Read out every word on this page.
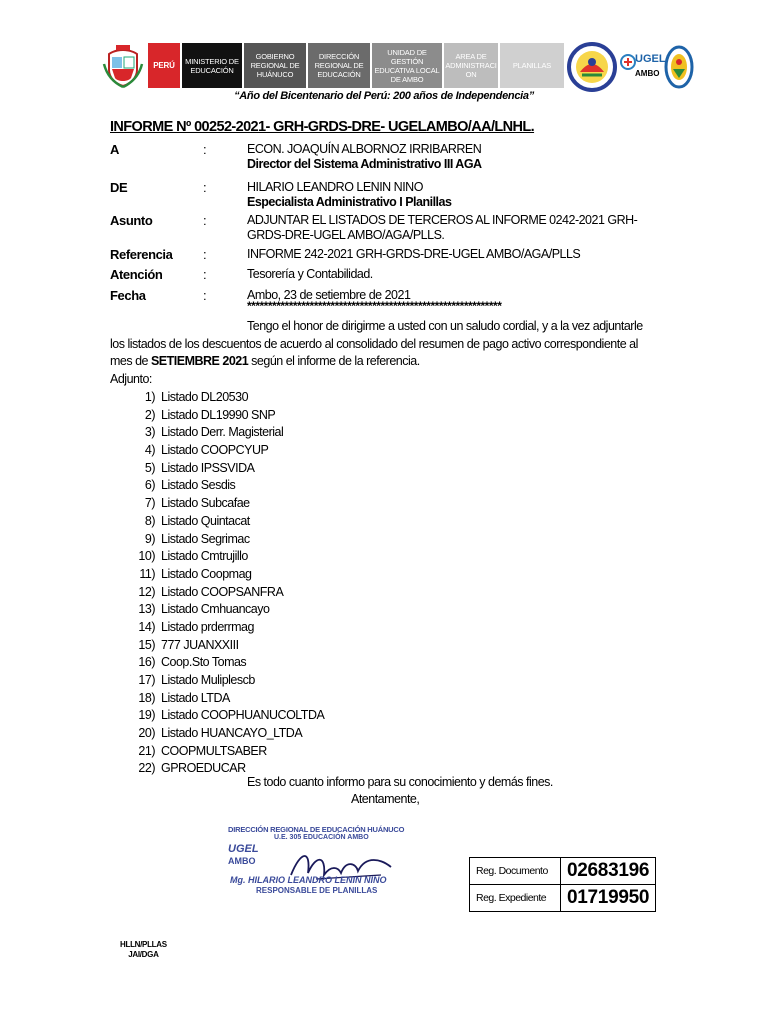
PERÚ	MINISTERIO DE EDUCACIÓN
GOBIERNO REGIONAL DE HUÁNUCO
DIRECCIÓN REGIONAL DE EDUCACIÓN
UNIDAD DE GESTIÓN EDUCATIVA LOCAL DE AMBO
AREA DE ADMINISTRACI ON
PLANILLAS
UGEL
AMBO
“Año del Bicentenario del Perú: 200 años de Independencia”
INFORME Nº 00252-2021- GRH-GRDS-DRE- UGELAMBO/AA/LNHL.
A	:	ECON. JOAQUÍN ALBORNOZ IRRIBARREN
Director del Sistema Administrativo III AGA
DE	:	HILARIO LEANDRO LENIN NINO
Especialista Administrativo I Planillas
Asunto	:	ADJUNTAR EL LISTADOS DE TERCEROS AL INFORME 0242-2021 GRH-GRDS-DRE-UGEL AMBO/AGA/PLLS.
Referencia :	INFORME 242-2021 GRH-GRDS-DRE-UGEL AMBO/AGA/PLLS
Atención	:	Tesorería y Contabilidad.
Fecha	:	Ambo, 23 de setiembre de 2021
*************************************************************
Tengo el honor de dirigirme a usted con un saludo cordial, y a la vez adjuntarle los listados de los descuentos de acuerdo al consolidado del resumen de pago activo correspondiente al mes de SETIEMBRE 2021 según el informe de la referencia.
Adjunto:
1) Listado DL20530
2) Listado DL19990 SNP
3) Listado Derr. Magisterial
4) Listado COOPCYUP
5) Listado IPSSVIDA
6) Listado Sesdis
7) Listado Subcafae
8) Listado Quintacat
9) Listado Segrimac
10) Listado Cmtrujillo
11) Listado Coopmag
12) Listado COOPSANFRA
13) Listado Cmhuancayo
14) Listado prderrmag
15) 777 JUANXXIII
16) Coop.Sto Tomas
17) Listado Muliplescb
18) Listado LTDA
19) Listado COOPHUANUCOLTDA
20) Listado HUANCAYO_LTDA
21) COOPMULTSABER
22) GPROEDUCAR
Es todo cuanto informo para su conocimiento y demás fines.
Atentamente,
DIRECCIÓN REGIONAL DE EDUCACIÓN HUÁNUCO
U.E. 305 EDUCACIÓN AMBO
UGEL
AMBO
Mg. HILARIO LEANDRO LENIN NINO
RESPONSABLE DE PLANILLAS
Reg. Documento	02683196
Reg. Expediente	01719950
HLLN/PLLAS
JAI/DGA
